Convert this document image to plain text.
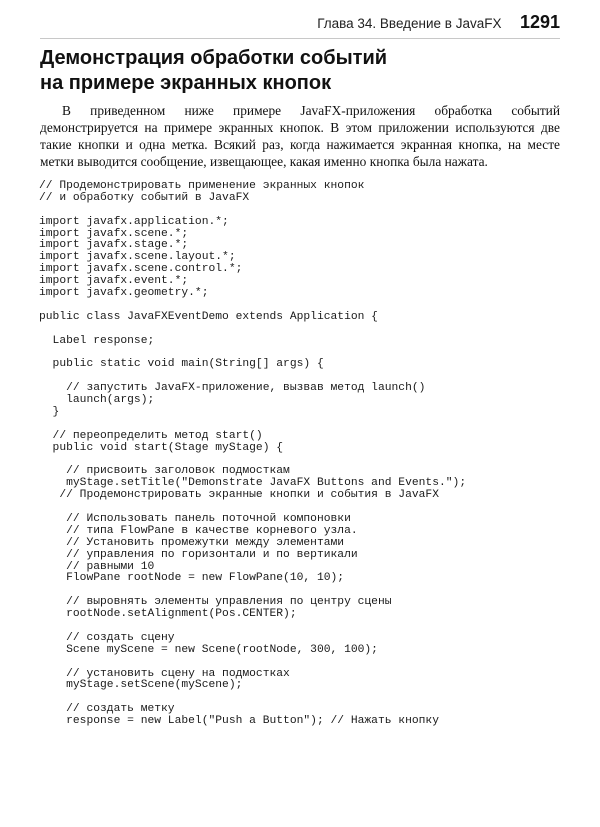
Глава 34. Введение в JavaFX 1291
Демонстрация обработки событий
на примере экранных кнопок

В приведенном ниже примере JavaFX-приложения обработка событий демонстрируется на примере экранных кнопок. В этом приложении используются две такие кнопки и одна метка. Всякий раз, когда нажимается экранная кнопка, на месте метки выводится сообщение, извещающее, какая именно кнопка была нажата.

// Продемонстрировать применение экранных кнопок
// и обработку событий в JavaFX
import javafx.application.*;
import javafx.scene.*;
import javafx.stage.*;
import javafx.scene.layout.*;
import javafx.scene.control.*;
import javafx.event.*;
import javafx.geometry.*;
public class JavaFXEventDemo extends Application {
Label response;
public static void main(String[] args) {
// запустить JavaFX-приложение, вызвав метод launch()
launch(args);
}
// переопределить метод start()
public void start(Stage myStage) {
// присвоить заголовок подмосткам
myStage.setTitle("Demonstrate JavaFX Buttons and Events.");
// Продемонстрировать экранные кнопки и события в JavaFX
// Использовать панель поточной компоновки
// типа FlowPane в качестве корневого узла.
// Установить промежутки между элементами
// управления по горизонтали и по вертикали
// равными 10
FlowPane rootNode = new FlowPane(10, 10);
// выровнять элементы управления по центру сцены
rootNode.setAlignment(Pos.CENTER);
// создать сцену
Scene myScene = new Scene(rootNode, 300, 100);
// установить сцену на подмостках
myStage.setScene(myScene);
// создать метку
response = new Label("Push a Button"); // Нажать кнопку
